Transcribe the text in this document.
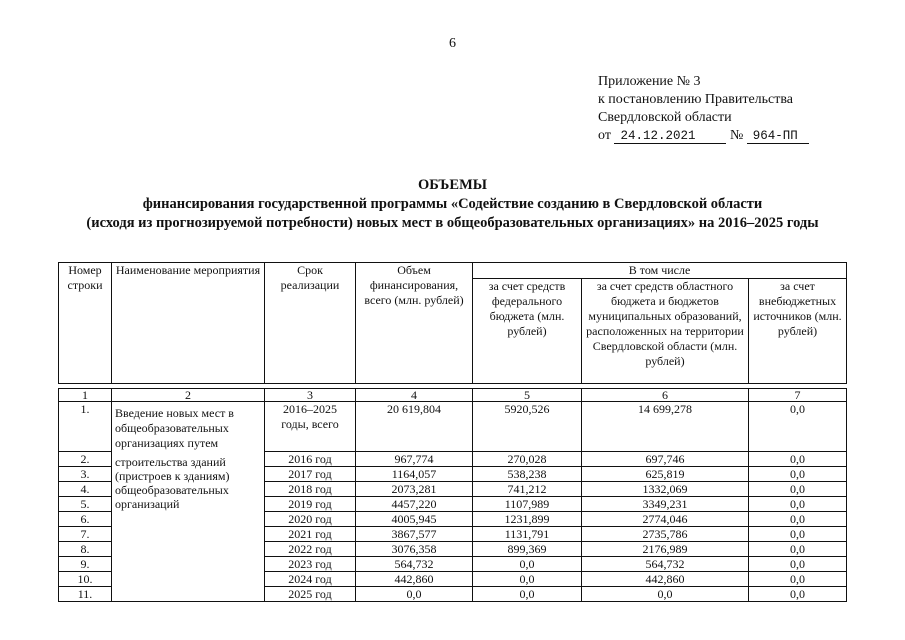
6
Приложение № 3
к постановлению Правительства
Свердловской области
от 24.12.2021 № 964-ПП
ОБЪЕМЫ
финансирования государственной программы «Содействие созданию в Свердловской области
(исходя из прогнозируемой потребности) новых мест в общеобразовательных организациях» на 2016–2025 годы
Номер строки	Наименование мероприятия	Срок реализации	Объем финансирования, всего (млн. рублей)	В том числе		
				за счет средств федерального бюджета (млн. рублей)	за счет средств областного бюджета и бюджетов муниципальных образований, расположенных на территории Свердловской области (млн. рублей)	за счет внебюджетных источников (млн. рублей)

1	2	3	4	5	6	7
1.	Введение новых мест в общеобразовательных организациях путем	2016–2025 годы, всего	20 619,804	5920,526	14 699,278	0,0
2.	строительства зданий (пристроев к зданиям) общеобразовательных организаций	2016 год	967,774	270,028	697,746	0,0
3.		2017 год	1164,057	538,238	625,819	0,0
4.		2018 год	2073,281	741,212	1332,069	0,0
5.		2019 год	4457,220	1107,989	3349,231	0,0
6.		2020 год	4005,945	1231,899	2774,046	0,0
7.		2021 год	3867,577	1131,791	2735,786	0,0
8.		2022 год	3076,358	899,369	2176,989	0,0
9.		2023 год	564,732	0,0	564,732	0,0
10.		2024 год	442,860	0,0	442,860	0,0
11.		2025 год	0,0	0,0	0,0	0,0
